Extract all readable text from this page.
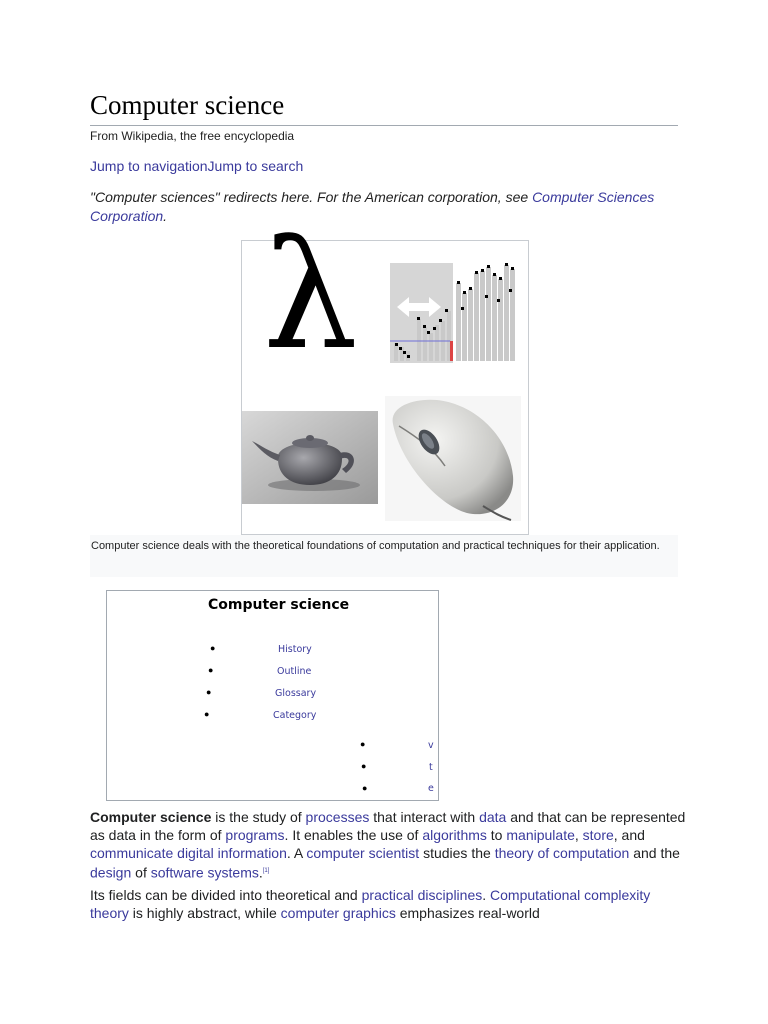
Computer science
From Wikipedia, the free encyclopedia
Jump to navigationJump to search
"Computer sciences" redirects here. For the American corporation, see Computer Sciences Corporation. λ
Computer science deals with the theoretical foundations of computation and practical techniques for their application.
Computer science
●	History
●	Outline
●	Glossary
●	Category
●	v
●	t
●	e

Computer science is the study of processes that interact with data and that can be represented as data in the form of programs. It enables the use of algorithms to manipulate, store, and communicate digital information. A computer scientist studies the theory of computation and the design of software systems.[1]

Its fields can be divided into theoretical and practical disciplines. Computational complexity theory is highly abstract, while computer graphics emphasizes real-world
